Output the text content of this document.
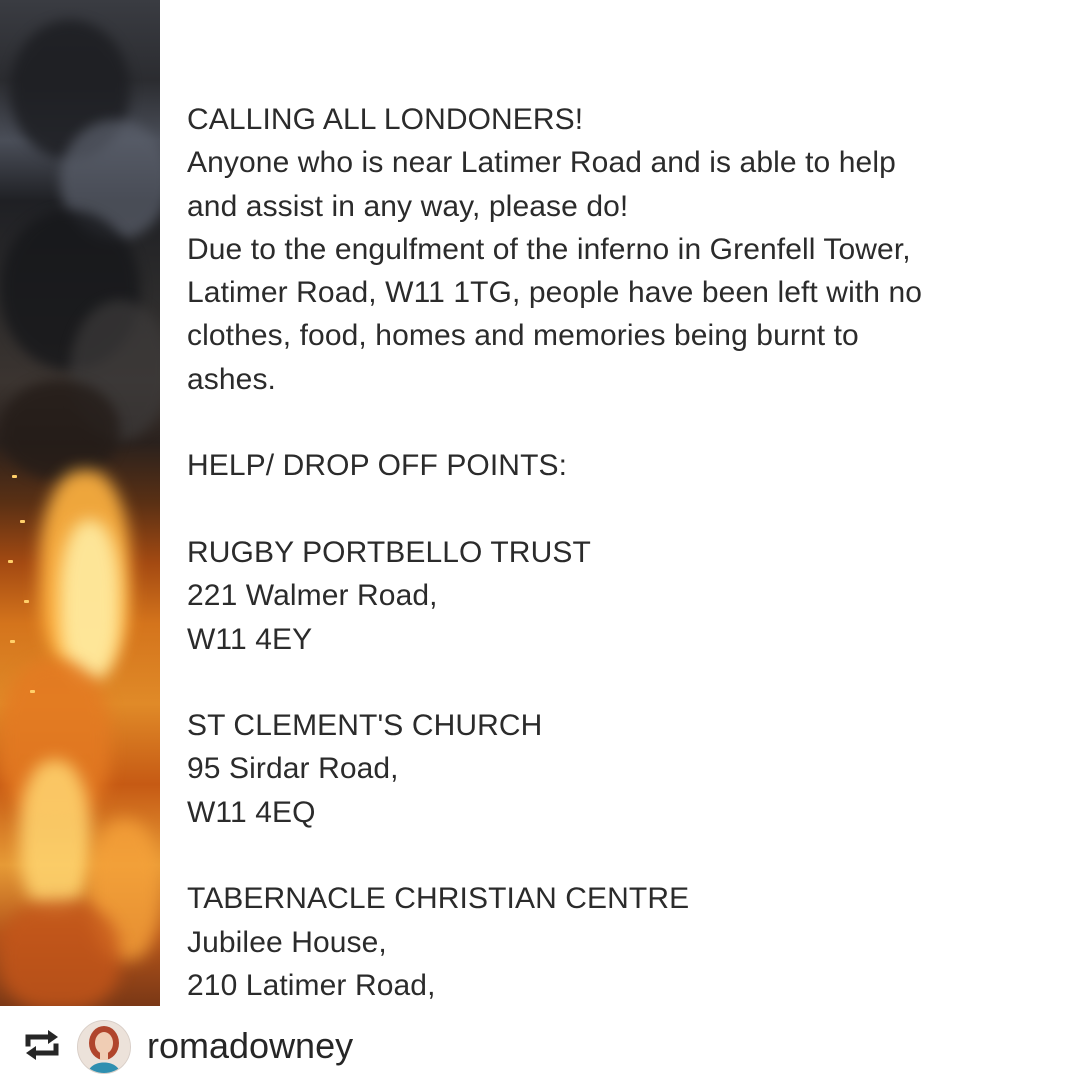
CALLING ALL LONDONERS!
Anyone who is near Latimer Road and is able to help
and assist in any way, please do!
Due to the engulfment of the inferno in Grenfell Tower,
Latimer Road, W11 1TG, people have been left with no
clothes, food, homes and memories being burnt to
ashes.
HELP/ DROP OFF POINTS:
RUGBY PORTBELLO TRUST
221 Walmer Road,
W11 4EY
ST CLEMENT'S CHURCH
95 Sirdar Road,
W11 4EQ
TABERNACLE CHRISTIAN CENTRE
Jubilee House,
210 Latimer Road,
romadowney
